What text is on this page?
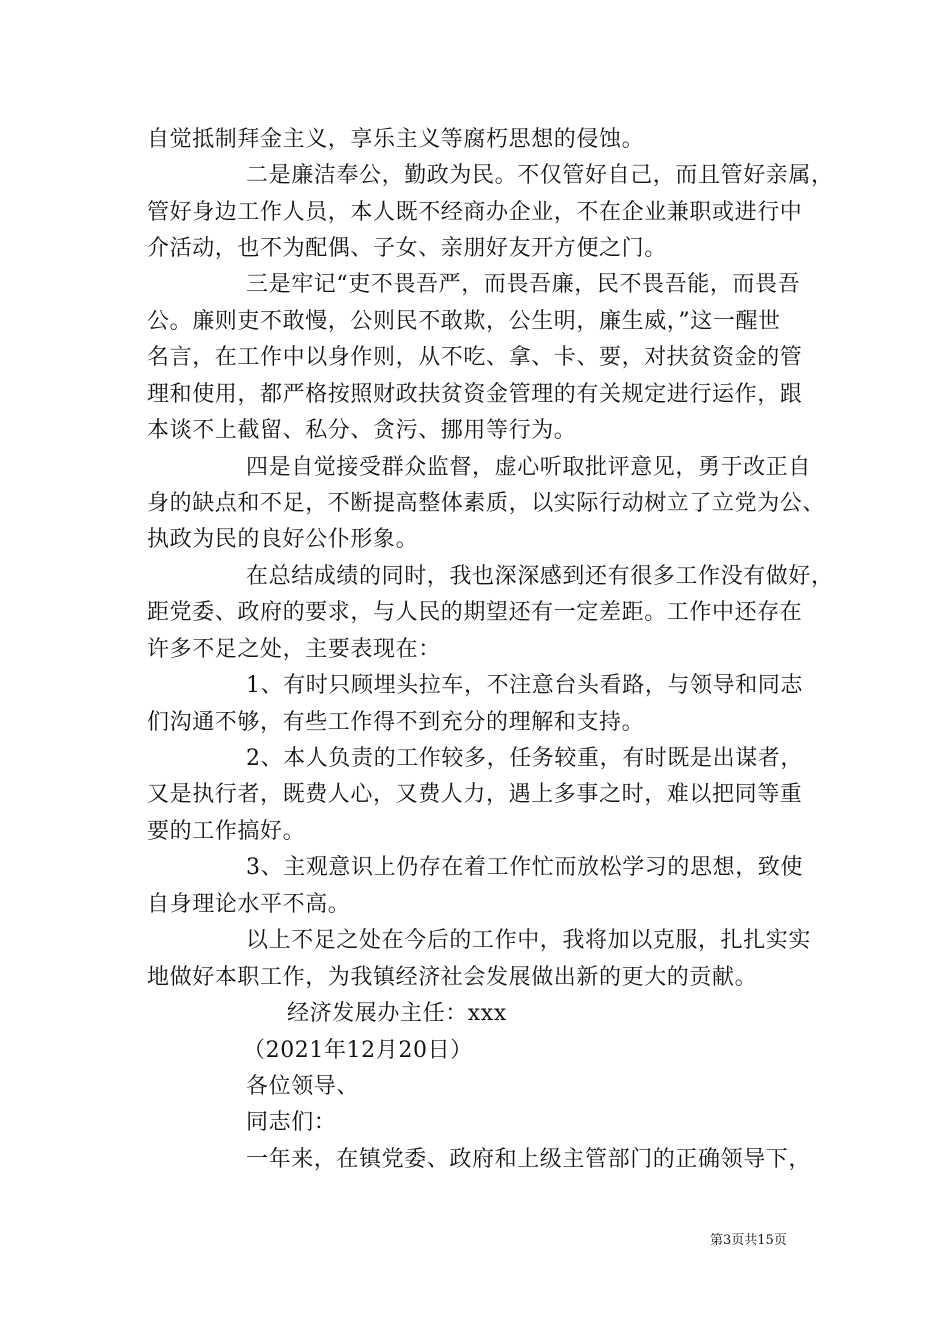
自觉抵制拜金主义，享乐主义等腐朽思想的侵蚀。
二是廉洁奉公，勤政为民。不仅管好自己，而且管好亲属，
管好身边工作人员，本人既不经商办企业，不在企业兼职或进行中
介活动，也不为配偶、子女、亲朋好友开方便之门。
三是牢记“吏不畏吾严，而畏吾廉，民不畏吾能，而畏吾
公。廉则吏不敢慢，公则民不敢欺，公生明，廉生威，”这一醒世
名言，在工作中以身作则，从不吃、拿、卡、要，对扶贫资金的管
理和使用，都严格按照财政扶贫资金管理的有关规定进行运作，跟
本谈不上截留、私分、贪污、挪用等行为。
四是自觉接受群众监督，虚心听取批评意见，勇于改正自
身的缺点和不足，不断提高整体素质，以实际行动树立了立党为公、
执政为民的良好公仆形象。
在总结成绩的同时，我也深深感到还有很多工作没有做好，
距党委、政府的要求，与人民的期望还有一定差距。工作中还存在
许多不足之处，主要表现在：
1、有时只顾埋头拉车，不注意台头看路，与领导和同志
们沟通不够，有些工作得不到充分的理解和支持。
2、本人负责的工作较多，任务较重，有时既是出谋者，
又是执行者，既费人心，又费人力，遇上多事之时，难以把同等重
要的工作搞好。
3、主观意识上仍存在着工作忙而放松学习的思想，致使
自身理论水平不高。
以上不足之处在今后的工作中，我将加以克服，扎扎实实
地做好本职工作，为我镇经济社会发展做出新的更大的贡献。
经济发展办主任：xxx
（2021年12月20日）
各位领导、
同志们：
一年来，在镇党委、政府和上级主管部门的正确领导下，
第3页共15页
